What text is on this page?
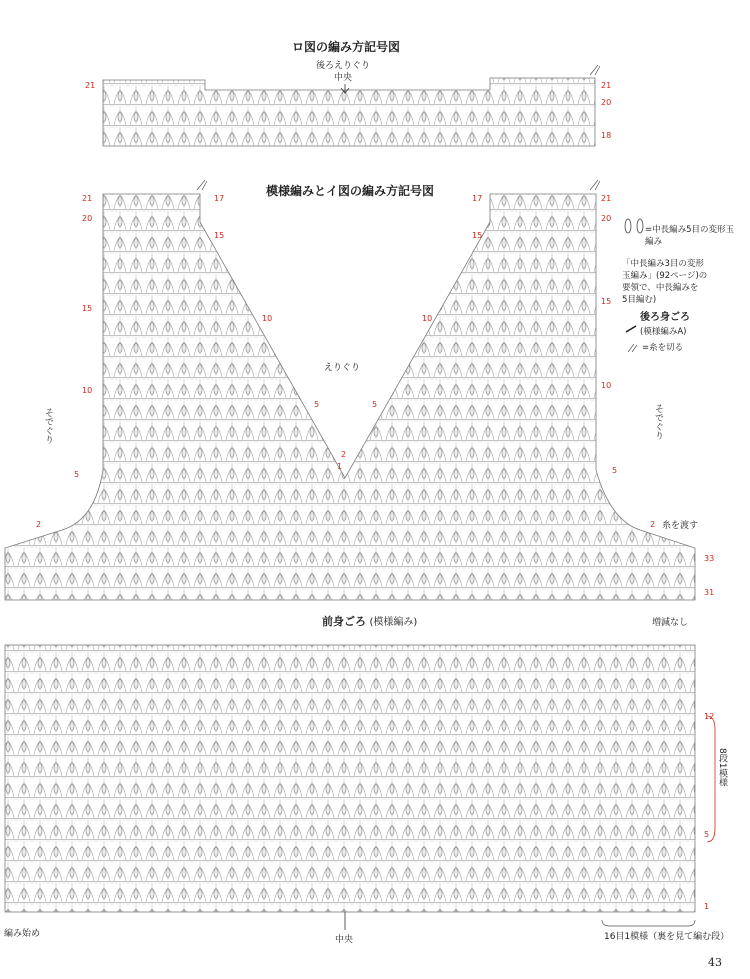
ロ図の編み方記号図
後ろえりぐり
中央
21	21
20
18
模様編みとイ図の編み方記号図
えりぐり
そでぐり	そでぐり
21
20
15
10
5
2
17
15
10
5
2
1
17
15
10
5
21
20
15
10
5
2 糸を渡す
33
31
前身ごろ (模様編み)	増減なし
12
5
1
8段1模様
編み始め
中央	16目1模様（裏を見て編む段）
=中長編み5目の変形玉編み
「中長編み3目の変形
玉編み」(92ページ)の
要領で、中長編みを
5目編む)
後ろ身ごろ
(模様編みA)
=糸を切る
43
